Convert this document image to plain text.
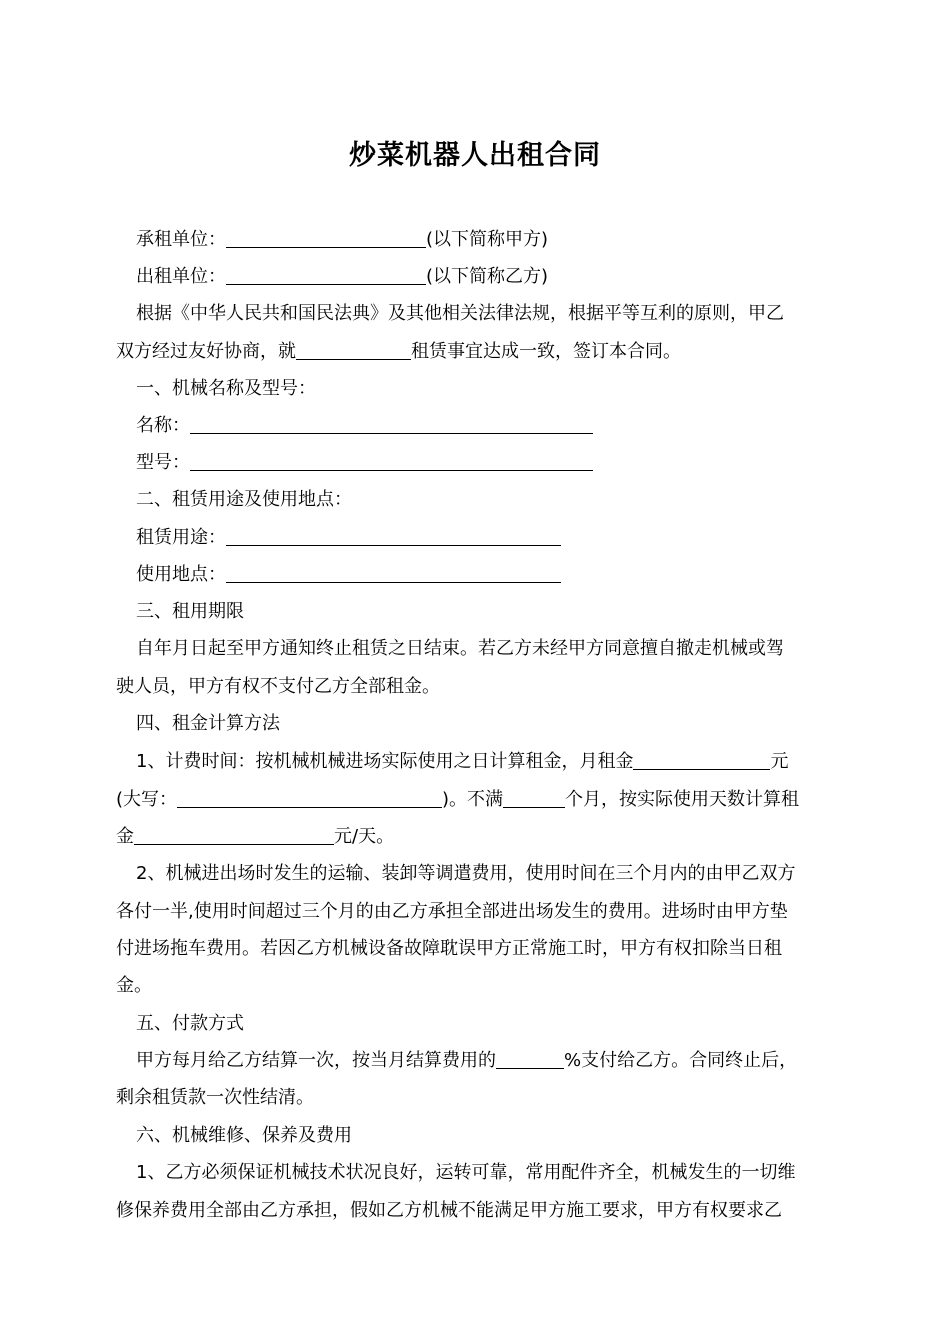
炒菜机器人出租合同
承租单位：	(以下简称甲方)
出租单位：	(以下简称乙方)
根据《中华人民共和国民法典》及其他相关法律法规，根据平等互利的原则，甲乙
双方经过友好协商，就	租赁事宜达成一致，签订本合同。
一、机械名称及型号：
名称：
型号：
二、租赁用途及使用地点：
租赁用途：
使用地点：
三、租用期限
自年月日起至甲方通知终止租赁之日结束。若乙方未经甲方同意擅自撤走机械或驾
驶人员，甲方有权不支付乙方全部租金。
四、租金计算方法
1、计费时间：按机械机械进场实际使用之日计算租金，月租金	元
(大写：	)。不满	个月，按实际使用天数计算租
金	元/天。
2、机械进出场时发生的运输、装卸等调遣费用，使用时间在三个月内的由甲乙双方
各付一半,使用时间超过三个月的由乙方承担全部进出场发生的费用。进场时由甲方垫
付进场拖车费用。若因乙方机械设备故障耽误甲方正常施工时，甲方有权扣除当日租
金。
五、付款方式
甲方每月给乙方结算一次，按当月结算费用的	%支付给乙方。合同终止后，
剩余租赁款一次性结清。
六、机械维修、保养及费用
1、乙方必须保证机械技术状况良好，运转可靠，常用配件齐全，机械发生的一切维
修保养费用全部由乙方承担，假如乙方机械不能满足甲方施工要求，甲方有权要求乙
